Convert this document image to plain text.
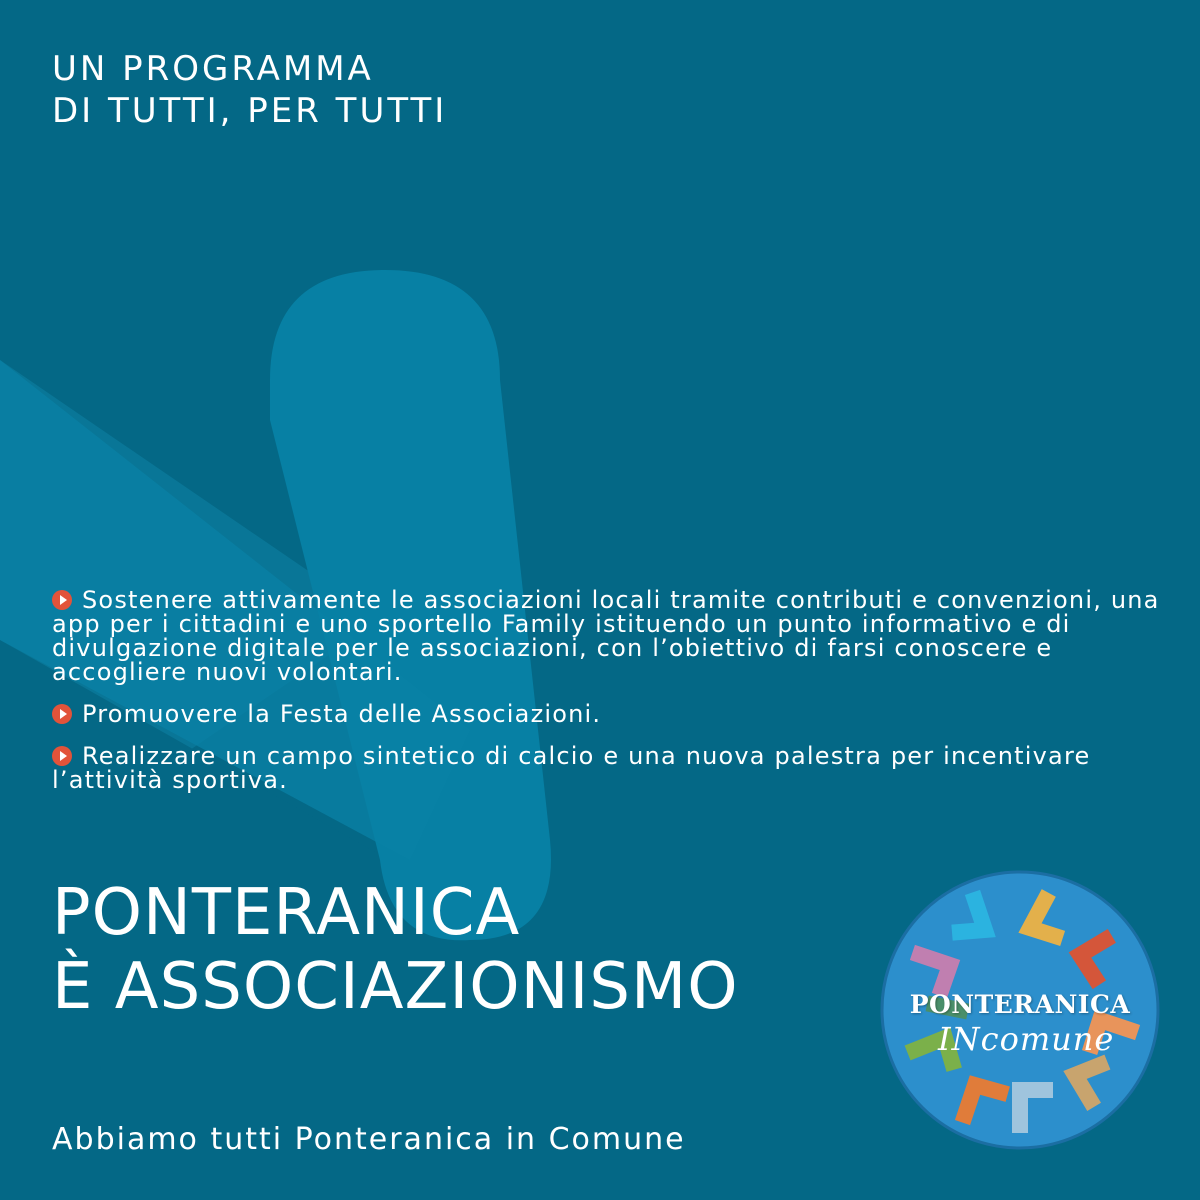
UN PROGRAMMA
DI TUTTI, PER TUTTI
Sostenere attivamente le associazioni locali tramite contributi e convenzioni, una app per i cittadini e uno sportello Family istituendo un punto informativo e di divulgazione digitale per le associazioni, con l’obiettivo di farsi conoscere e accogliere nuovi volontari.
Promuovere la Festa delle Associazioni.
Realizzare un campo sintetico di calcio e una nuova palestra per incentivare l’attività sportiva.
PONTERANICA
È ASSOCIAZIONISMO
Abbiamo tutti Ponteranica in Comune
PONTERANICA
INcomune
